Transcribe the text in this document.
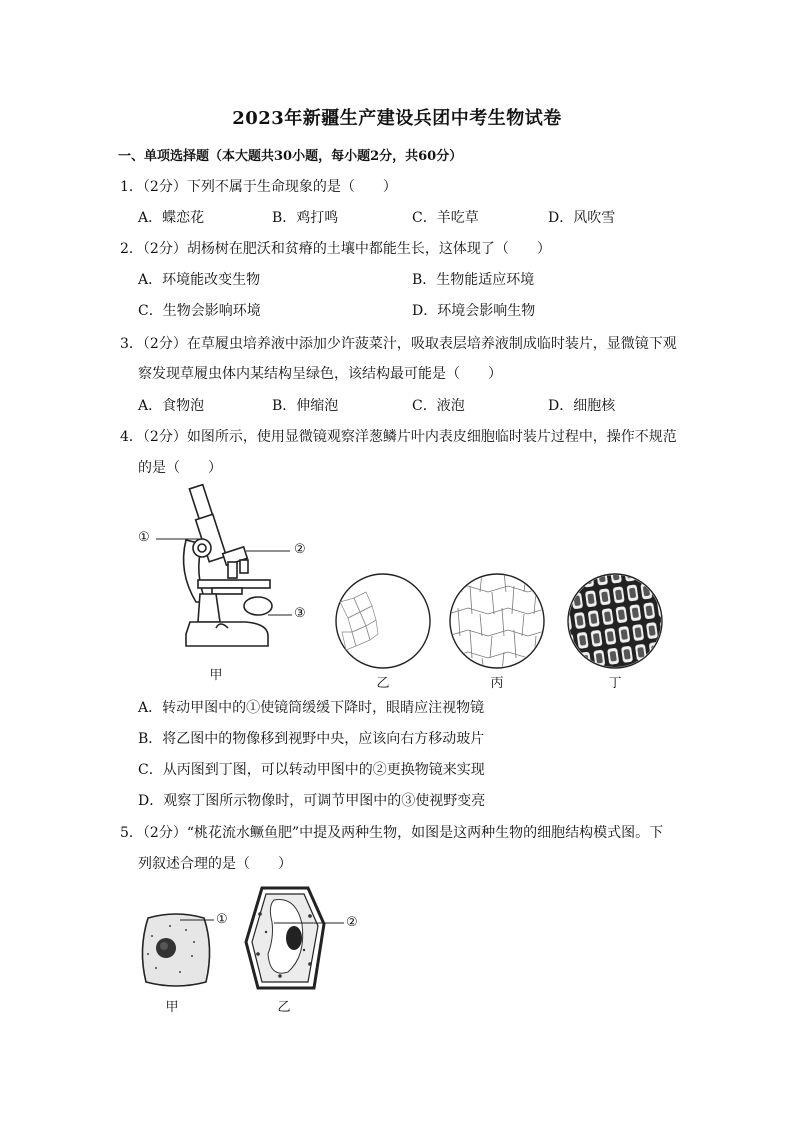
2023年新疆生产建设兵团中考生物试卷
一、单项选择题（本大题共30小题，每小题2分，共60分）
1．（2分）下列不属于生命现象的是（　　）
A．蝶恋花	B．鸡打鸣	C．羊吃草	D．风吹雪
2．（2分）胡杨树在肥沃和贫瘠的土壤中都能生长，这体现了（　　）
A．环境能改变生物	B．生物能适应环境
C．生物会影响环境	D．环境会影响生物
3．（2分）在草履虫培养液中添加少许菠菜汁，吸取表层培养液制成临时装片，显微镜下观
察发现草履虫体内某结构呈绿色，该结构最可能是（　　）
A．食物泡	B．伸缩泡	C．液泡	D．细胞核
4．（2分）如图所示，使用显微镜观察洋葱鳞片叶内表皮细胞临时装片过程中，操作不规范
的是（　　）
①
②
③
甲
乙	丙	丁
A．转动甲图中的①使镜筒缓缓下降时，眼睛应注视物镜
B．将乙图中的物像移到视野中央，应该向右方移动玻片
C．从丙图到丁图，可以转动甲图中的②更换物镜来实现
D．观察丁图所示物像时，可调节甲图中的③使视野变亮
5．（2分）“桃花流水鳜鱼肥”中提及两种生物，如图是这两种生物的细胞结构模式图。下
列叙述合理的是（　　）
①
甲
②
乙
